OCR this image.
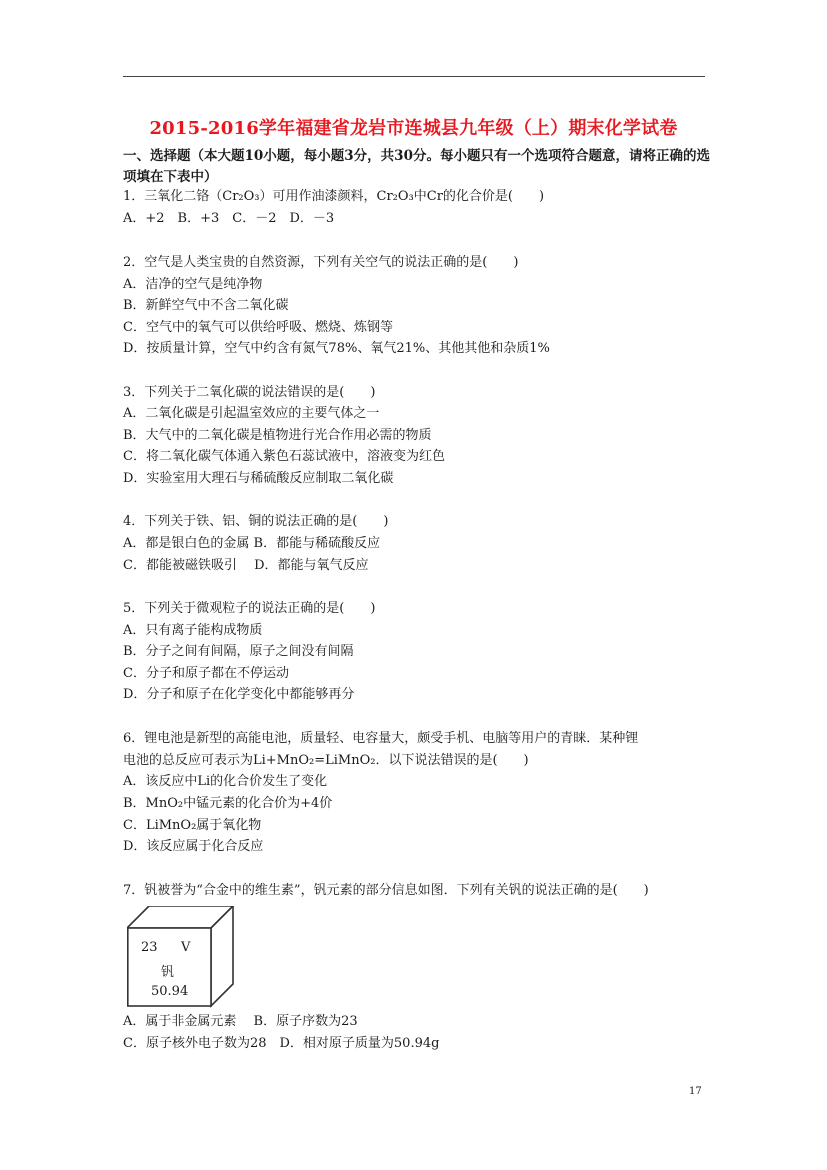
2015-2016学年福建省龙岩市连城县九年级（上）期末化学试卷
一、选择题（本大题10小题，每小题3分，共30分。每小题只有一个选项符合题意，请将正确的选项填在下表中）
1．三氧化二铬（Cr₂O₃）可用作油漆颜料，Cr₂O₃中Cr的化合价是(　　)
A．+2　B．+3　C．－2　D．－3
2．空气是人类宝贵的自然资源，下列有关空气的说法正确的是(　　)
A．洁净的空气是纯净物
B．新鲜空气中不含二氧化碳
C．空气中的氧气可以供给呼吸、燃烧、炼钢等
D．按质量计算，空气中约含有氮气78%、氧气21%、其他其他和杂质1%
3．下列关于二氧化碳的说法错误的是(　　)
A．二氧化碳是引起温室效应的主要气体之一
B．大气中的二氧化碳是植物进行光合作用必需的物质
C．将二氧化碳气体通入紫色石蕊试液中，溶液变为红色
D．实验室用大理石与稀硫酸反应制取二氧化碳
4．下列关于铁、铝、铜的说法正确的是(　　)
A．都是银白色的金属 B．都能与稀硫酸反应
C．都能被磁铁吸引　 D．都能与氧气反应
5．下列关于微观粒子的说法正确的是(　　)
A．只有离子能构成物质
B．分子之间有间隔，原子之间没有间隔
C．分子和原子都在不停运动
D．分子和原子在化学变化中都能够再分
6．锂电池是新型的高能电池，质量轻、电容量大，颇受手机、电脑等用户的青睐．某种锂
电池的总反应可表示为Li+MnO₂=LiMnO₂．以下说法错误的是(　　)
A．该反应中Li的化合价发生了变化
B．MnO₂中锰元素的化合价为+4价
C．LiMnO₂属于氧化物
D．该反应属于化合反应
7．钒被誉为“合金中的维生素”，钒元素的部分信息如图．下列有关钒的说法正确的是(　　)
23 V
钒
50.94
A．属于非金属元素　 B．原子序数为23
C．原子核外电子数为28　D．相对原子质量为50.94g
17
